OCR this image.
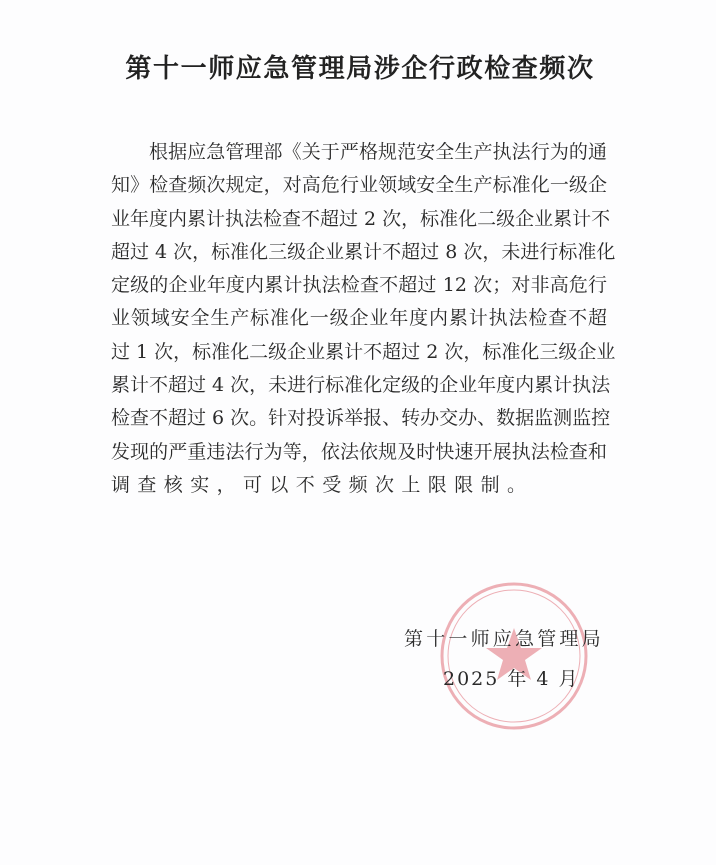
第十一师应急管理局涉企行政检查频次
根据应急管理部《关于严格规范安全生产执法行为的通
知》检查频次规定，对高危行业领域安全生产标准化一级企
业年度内累计执法检查不超过 2 次，标准化二级企业累计不
超过 4 次，标准化三级企业累计不超过 8 次，未进行标准化
定级的企业年度内累计执法检查不超过 12 次；对非高危行
业领域安全生产标准化一级企业年度内累计执法检查不超
过 1 次，标准化二级企业累计不超过 2 次，标准化三级企业
累计不超过 4 次，未进行标准化定级的企业年度内累计执法
检查不超过 6 次。针对投诉举报、转办交办、数据监测监控
发现的严重违法行为等，依法依规及时快速开展执法检查和
调查核实，可以不受频次上限限制。
第十一师应急管理局
2025 年 4 月
